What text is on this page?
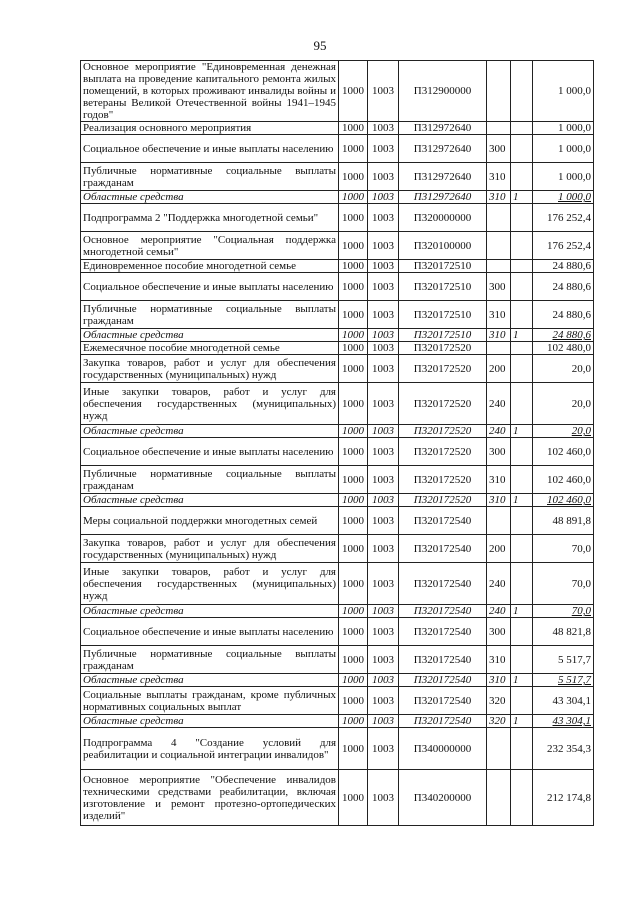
95
Основное мероприятие "Единовременная денежная выплата на проведение капитального ремонта жилых помещений, в которых проживают инвалиды войны и ветераны Великой Отечественной войны 1941–1945 годов"	1000	1003	П312900000			1 000,0
Реализация основного мероприятия	1000	1003	П312972640			1 000,0
Социальное обеспечение и иные выплаты населению	1000	1003	П312972640	300		1 000,0
Публичные нормативные социальные выплаты гражданам	1000	1003	П312972640	310		1 000,0
Областные средства	1000	1003	П312972640	310	1	1 000,0
Подпрограмма 2 "Поддержка многодетной семьи"	1000	1003	П320000000			176 252,4
Основное мероприятие "Социальная поддержка многодетной семьи"	1000	1003	П320100000			176 252,4
Единовременное пособие многодетной семье	1000	1003	П320172510			24 880,6
Социальное обеспечение и иные выплаты населению	1000	1003	П320172510	300		24 880,6
Публичные нормативные социальные выплаты гражданам	1000	1003	П320172510	310		24 880,6
Областные средства	1000	1003	П320172510	310	1	24 880,6
Ежемесячное пособие многодетной семье	1000	1003	П320172520			102 480,0
Закупка товаров, работ и услуг для обеспечения государственных (муниципальных) нужд	1000	1003	П320172520	200		20,0
Иные закупки товаров, работ и услуг для обеспечения государственных (муниципальных) нужд	1000	1003	П320172520	240		20,0
Областные средства	1000	1003	П320172520	240	1	20,0
Социальное обеспечение и иные выплаты населению	1000	1003	П320172520	300		102 460,0
Публичные нормативные социальные выплаты гражданам	1000	1003	П320172520	310		102 460,0
Областные средства	1000	1003	П320172520	310	1	102 460,0
Меры социальной поддержки многодетных семей	1000	1003	П320172540			48 891,8
Закупка товаров, работ и услуг для обеспечения государственных (муниципальных) нужд	1000	1003	П320172540	200		70,0
Иные закупки товаров, работ и услуг для обеспечения государственных (муниципальных) нужд	1000	1003	П320172540	240		70,0
Областные средства	1000	1003	П320172540	240	1	70,0
Социальное обеспечение и иные выплаты населению	1000	1003	П320172540	300		48 821,8
Публичные нормативные социальные выплаты гражданам	1000	1003	П320172540	310		5 517,7
Областные средства	1000	1003	П320172540	310	1	5 517,7
Социальные выплаты гражданам, кроме публичных нормативных социальных выплат	1000	1003	П320172540	320		43 304,1
Областные средства	1000	1003	П320172540	320	1	43 304,1
Подпрограмма 4 "Создание условий для реабилитации и социальной интеграции инвалидов"	1000	1003	П340000000			232 354,3
Основное мероприятие "Обеспечение инвалидов техническими средствами реабилитации, включая изготовление и ремонт протезно-ортопедических изделий"	1000	1003	П340200000			212 174,8
